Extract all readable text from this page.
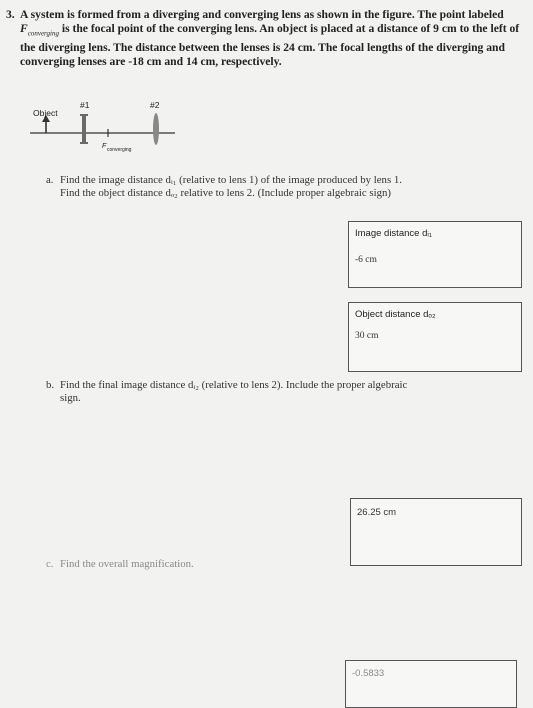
3. A system is formed from a diverging and converging lens as shown in the figure. The point labeled $F_{converging}$ is the focal point of the converging lens. An object is placed at a distance of 9 cm to the left of the diverging lens. The distance between the lenses is 24 cm. The focal lengths of the diverging and converging lenses are -18 cm and 14 cm, respectively.
Object
#1	#2
F converging
a. Find the image distance dᵢ₁ (relative to lens 1) of the image produced by lens 1.
Find the object distance dₒ₂ relative to lens 2. (Include proper algebraic sign)
Image distance dᵢ₁
-6 cm
Object distance dₒ₂
30 cm
b. Find the final image distance dᵢ₂ (relative to lens 2). Include the proper algebraic
sign.
26.25 cm
c. Find the overall magnification.
-0.5833
